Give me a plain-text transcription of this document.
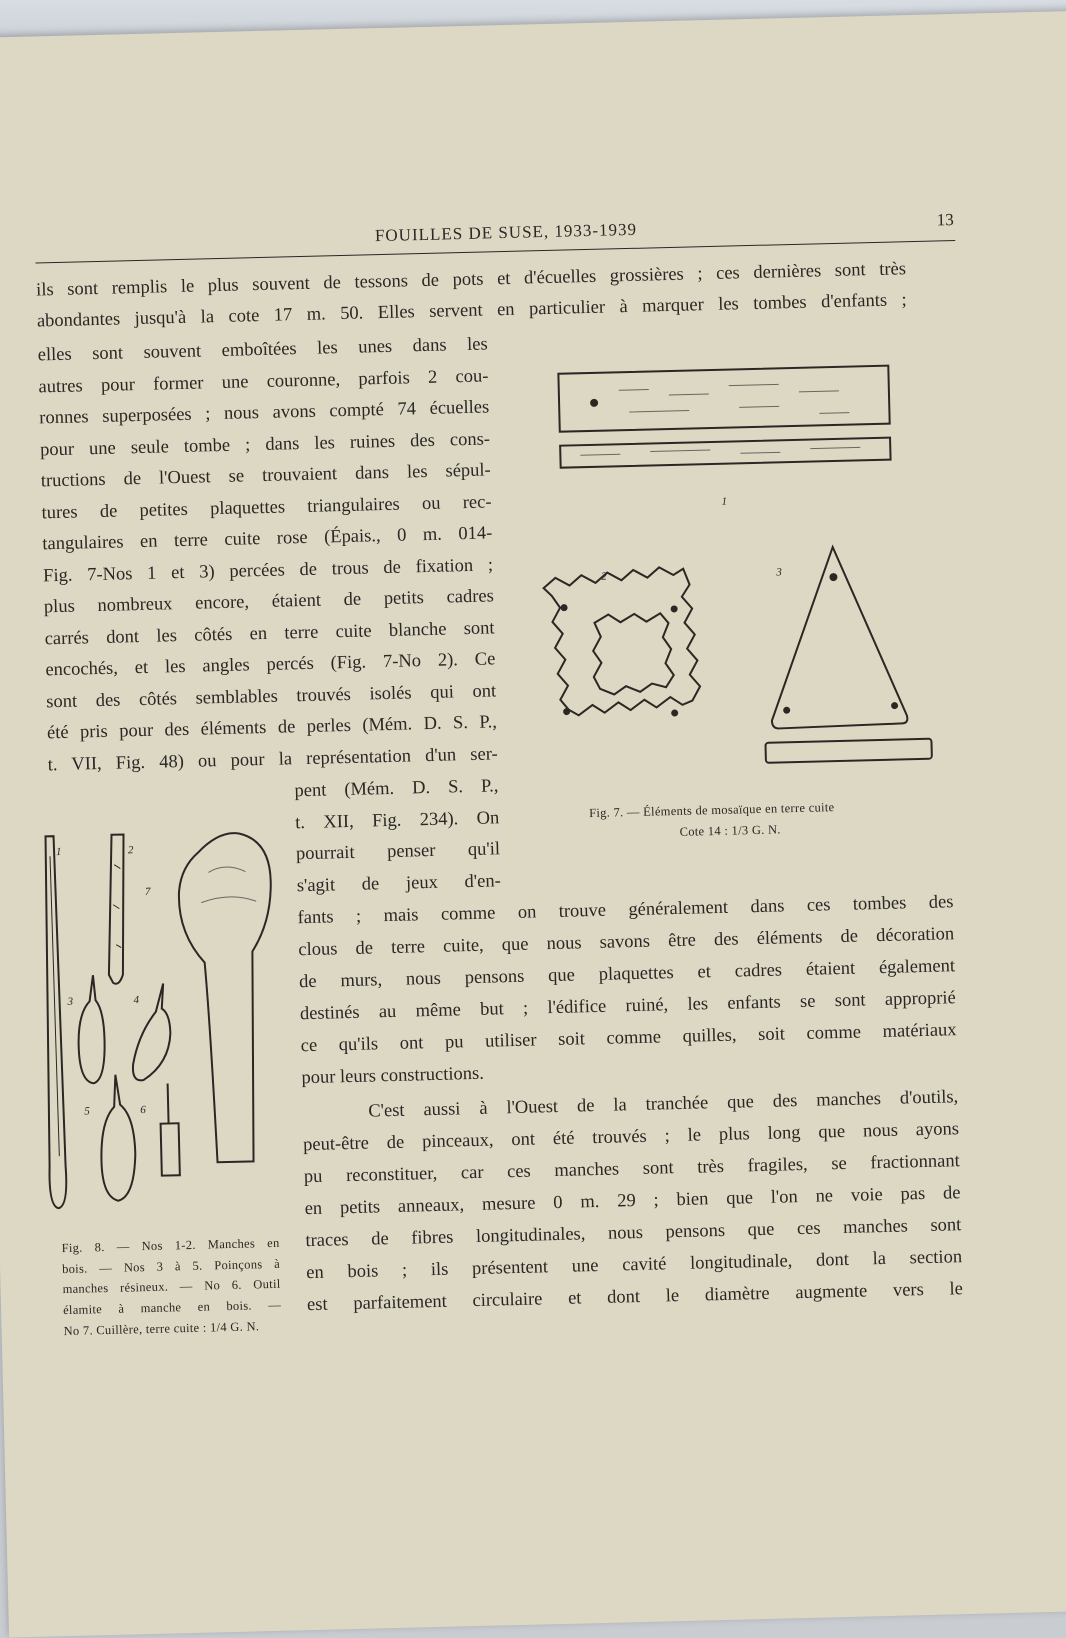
FOUILLES DE SUSE, 1933-1939
13
ils sont remplis le plus souvent de tessons de pots et d'écuelles grossières ; ces dernières sont très
abondantes jusqu'à la cote 17 m. 50. Elles servent en particulier à marquer les tombes d'enfants ;
elles sont souvent emboîtées les unes dans les
autres pour former une couronne, parfois 2 cou-
ronnes superposées ; nous avons compté 74 écuelles
pour une seule tombe ; dans les ruines des cons-
tructions de l'Ouest se trouvaient dans les sépul-
tures de petites plaquettes triangulaires ou rec-
tangulaires en terre cuite rose (Épais., 0 m. 014-
Fig. 7-Nos 1 et 3) percées de trous de fixation ;
plus nombreux encore, étaient de petits cadres
carrés dont les côtés en terre cuite blanche sont
encochés, et les angles percés (Fig. 7-No 2). Ce
sont des côtés semblables trouvés isolés qui ont
été pris pour des éléments de perles (Mém. D. S. P.,
t. VII, Fig. 48) ou pour la représentation d'un ser-
pent (Mém. D. S. P.,
t. XII, Fig. 234). On
pourrait penser qu'il
s'agit de jeux d'en-
fants ; mais comme on trouve généralement dans ces tombes des
clous de terre cuite, que nous savons être des éléments de décoration
de murs, nous pensons que plaquettes et cadres étaient également
destinés au même but ; l'édifice ruiné, les enfants se sont approprié
ce qu'ils ont pu utiliser soit comme quilles, soit comme matériaux
pour leurs constructions.
C'est aussi à l'Ouest de la tranchée que des manches d'outils,
peut-être de pinceaux, ont été trouvés ; le plus long que nous ayons
pu reconstituer, car ces manches sont très fragiles, se fractionnant
en petits anneaux, mesure 0 m. 29 ; bien que l'on ne voie pas de
traces de fibres longitudinales, nous pensons que ces manches sont
en bois ; ils présentent une cavité longitudinale, dont la section
est parfaitement circulaire et dont le diamètre augmente vers le
1
2	3
Fig. 7. — Éléments de mosaïque en terre cuite
Cote 14 : 1/3 G. N.
1	2
3	4
5	6
7
Fig. 8. — Nos 1-2. Manches en
bois. — Nos 3 à 5. Poinçons à
manches résineux. — No 6. Outil
élamite à manche en bois. —
No 7. Cuillère, terre cuite : 1/4 G. N.
